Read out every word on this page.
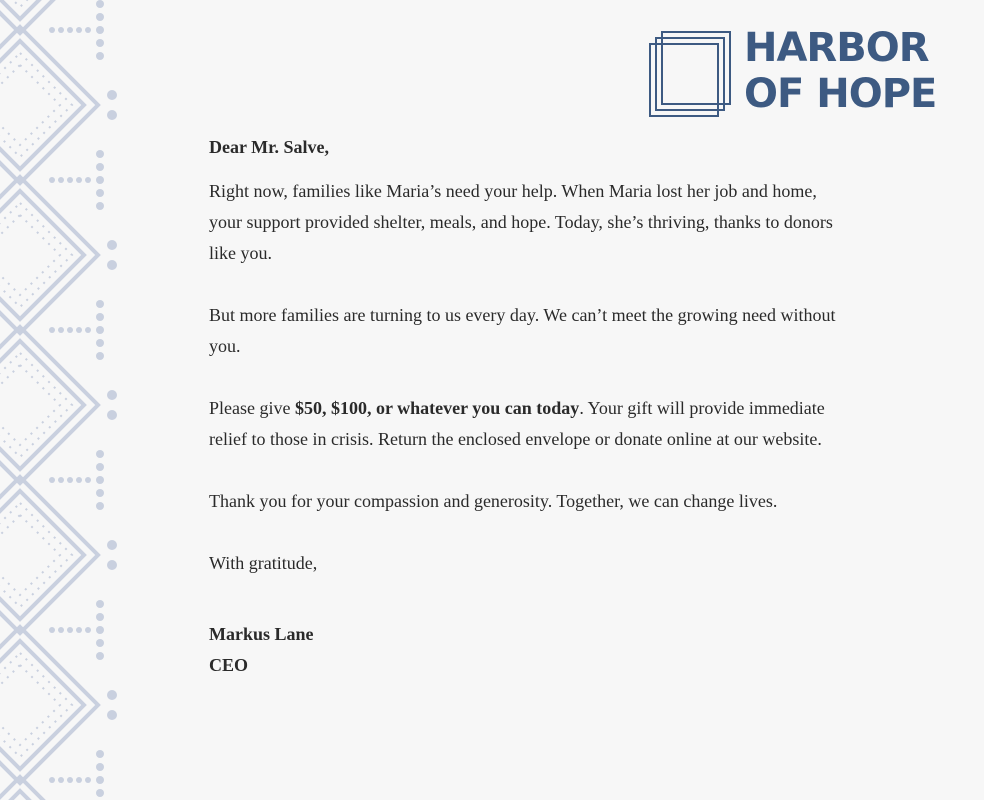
HARBOR
OF HOPE

Dear Mr. Salve,

Right now, families like Maria’s need your help. When Maria lost her job and home, your support provided shelter, meals, and hope. Today, she’s thriving, thanks to donors like you.

But more families are turning to us every day. We can’t meet the growing need without you.

Please give $50, $100, or whatever you can today. Your gift will provide immediate relief to those in crisis. Return the enclosed envelope or donate online at our website.

Thank you for your compassion and generosity. Together, we can change lives.

With gratitude,

Markus Lane

CEO
